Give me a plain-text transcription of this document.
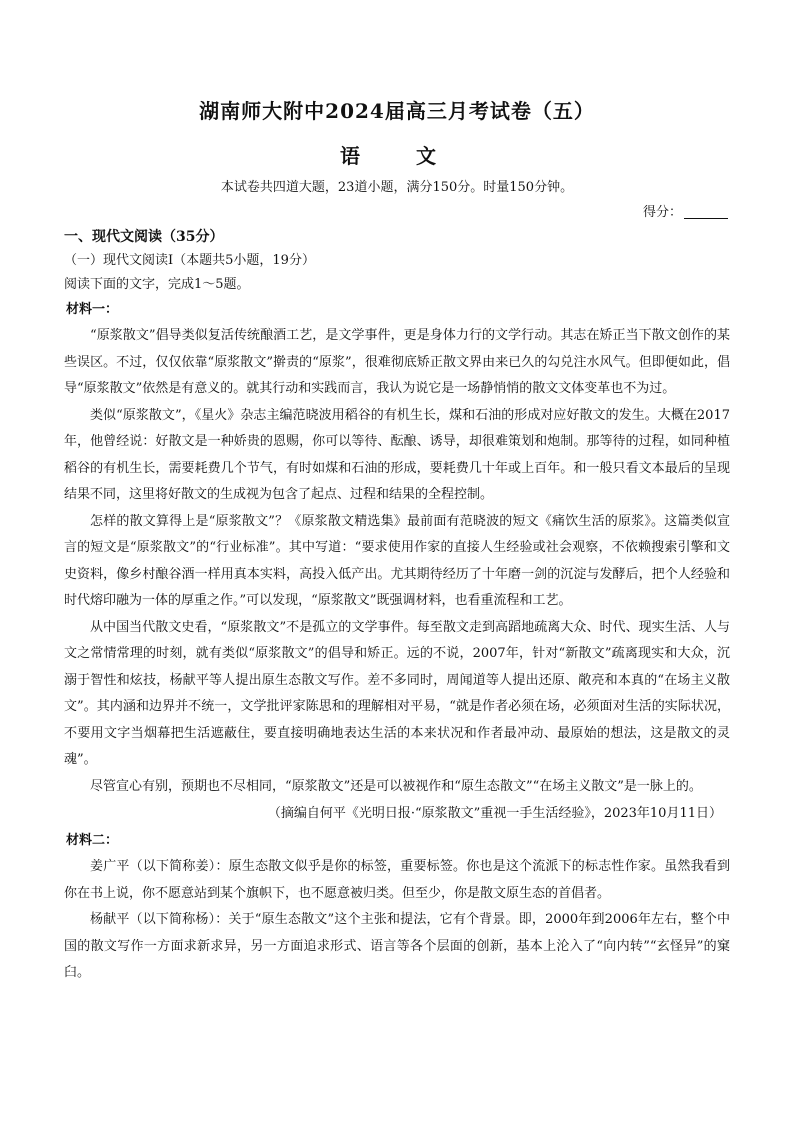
湖南师大附中2024届高三月考试卷（五）
语　文
本试卷共四道大题，23道小题，满分150分。时量150分钟。
得分：
一、现代文阅读（35分）
（一）现代文阅读Ⅰ（本题共5小题，19分）
阅读下面的文字，完成1～5题。
材料一：

“原浆散文”倡导类似复活传统酿酒工艺，是文学事件，更是身体力行的文学行动。其志在矫正当下散文创作的某些误区。不过，仅仅依靠“原浆散文”擀责的“原浆”，很难彻底矫正散文界由来已久的勾兑注水风气。但即便如此，倡导“原浆散文”依然是有意义的。就其行动和实践而言，我认为说它是一场静悄悄的散文文体变革也不为过。

类似“原浆散文”，《星火》杂志主编范晓波用稻谷的有机生长，煤和石油的形成对应好散文的发生。大概在2017年，他曾经说：好散文是一种娇贵的恩赐，你可以等待、酝酿、诱导，却很难策划和炮制。那等待的过程，如同种植稻谷的有机生长，需要耗费几个节气，有时如煤和石油的形成，要耗费几十年或上百年。和一般只看文本最后的呈现结果不同，这里将好散文的生成视为包含了起点、过程和结果的全程控制。

怎样的散文算得上是“原浆散文”？《原浆散文精选集》最前面有范晓波的短文《痛饮生活的原浆》。这篇类似宣言的短文是“原浆散文”的“行业标准”。其中写道：“要求使用作家的直接人生经验或社会观察，不依赖搜索引擎和文史资料，像乡村酿谷酒一样用真本实料，高投入低产出。尤其期待经历了十年磨一剑的沉淀与发酵后，把个人经验和时代熔印融为一体的厚重之作。”可以发现，“原浆散文”既强调材料，也看重流程和工艺。

从中国当代散文史看，“原浆散文”不是孤立的文学事件。每至散文走到高蹈地疏离大众、时代、现实生活、人与文之常情常理的时刻，就有类似“原浆散文”的倡导和矫正。远的不说，2007年，针对“新散文”疏离现实和大众，沉溺于智性和炫技，杨献平等人提出原生态散文写作。差不多同时，周闻道等人提出还原、敞亮和本真的“在场主义散文”。其内涵和边界并不统一，文学批评家陈思和的理解相对平易，“就是作者必须在场，必须面对生活的实际状况，不要用文字当烟幕把生活遮蔽住，要直接明确地表达生活的本来状况和作者最冲动、最原始的想法，这是散文的灵魂”。

尽管宣心有别，预期也不尽相同，“原浆散文”还是可以被视作和“原生态散文”“在场主义散文”是一脉上的。

（摘编自何平《光明日报·“原浆散文”重视一手生活经验》，2023年10月11日）
材料二：

姜广平（以下简称姜）：原生态散文似乎是你的标签，重要标签。你也是这个流派下的标志性作家。虽然我看到你在书上说，你不愿意站到某个旗帜下，也不愿意被归类。但至少，你是散文原生态的首倡者。

杨献平（以下简称杨）：关于“原生态散文”这个主张和提法，它有个背景。即，2000年到2006年左右，整个中国的散文写作一方面求新求异，另一方面追求形式、语言等各个层面的创新，基本上沦入了“向内转”“玄怪异”的窠臼。
